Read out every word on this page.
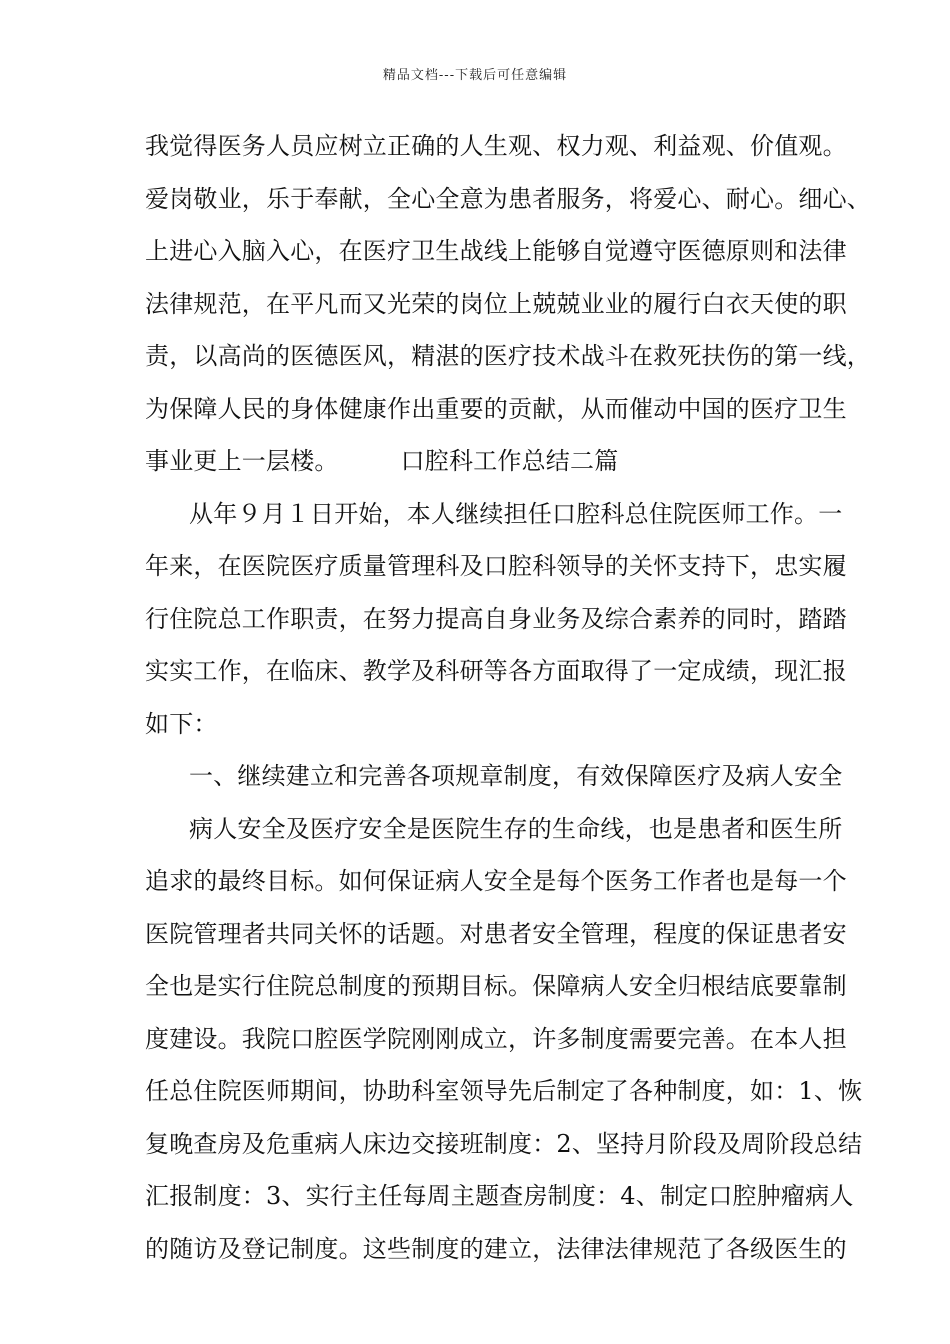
精品文档---下载后可任意编辑
我觉得医务人员应树立正确的人生观、权力观、利益观、价值观。
爱岗敬业，乐于奉献，全心全意为患者服务，将爱心、耐心。细心、
上进心入脑入心，在医疗卫生战线上能够自觉遵守医德原则和法律
法律规范，在平凡而又光荣的岗位上兢兢业业的履行白衣天使的职
责，以高尚的医德医风，精湛的医疗技术战斗在救死扶伤的第一线，
为保障人民的身体健康作出重要的贡献，从而催动中国的医疗卫生
事业更上一层楼。	口腔科工作总结二篇
从年９月１日开始，本人继续担任口腔科总住院医师工作。一
年来，在医院医疗质量管理科及口腔科领导的关怀支持下，忠实履
行住院总工作职责，在努力提高自身业务及综合素养的同时，踏踏
实实工作，在临床、教学及科研等各方面取得了一定成绩，现汇报
如下：
一、继续建立和完善各项规章制度，有效保障医疗及病人安全
病人安全及医疗安全是医院生存的生命线，也是患者和医生所
追求的最终目标。如何保证病人安全是每个医务工作者也是每一个
医院管理者共同关怀的话题。对患者安全管理，程度的保证患者安
全也是实行住院总制度的预期目标。保障病人安全归根结底要靠制
度建设。我院口腔医学院刚刚成立，许多制度需要完善。在本人担
任总住院医师期间，协助科室领导先后制定了各种制度，如：1、恢
复晚查房及危重病人床边交接班制度：2、坚持月阶段及周阶段总结
汇报制度：3、实行主任每周主题查房制度：4、制定口腔肿瘤病人
的随访及登记制度。这些制度的建立，法律法律规范了各级医生的
